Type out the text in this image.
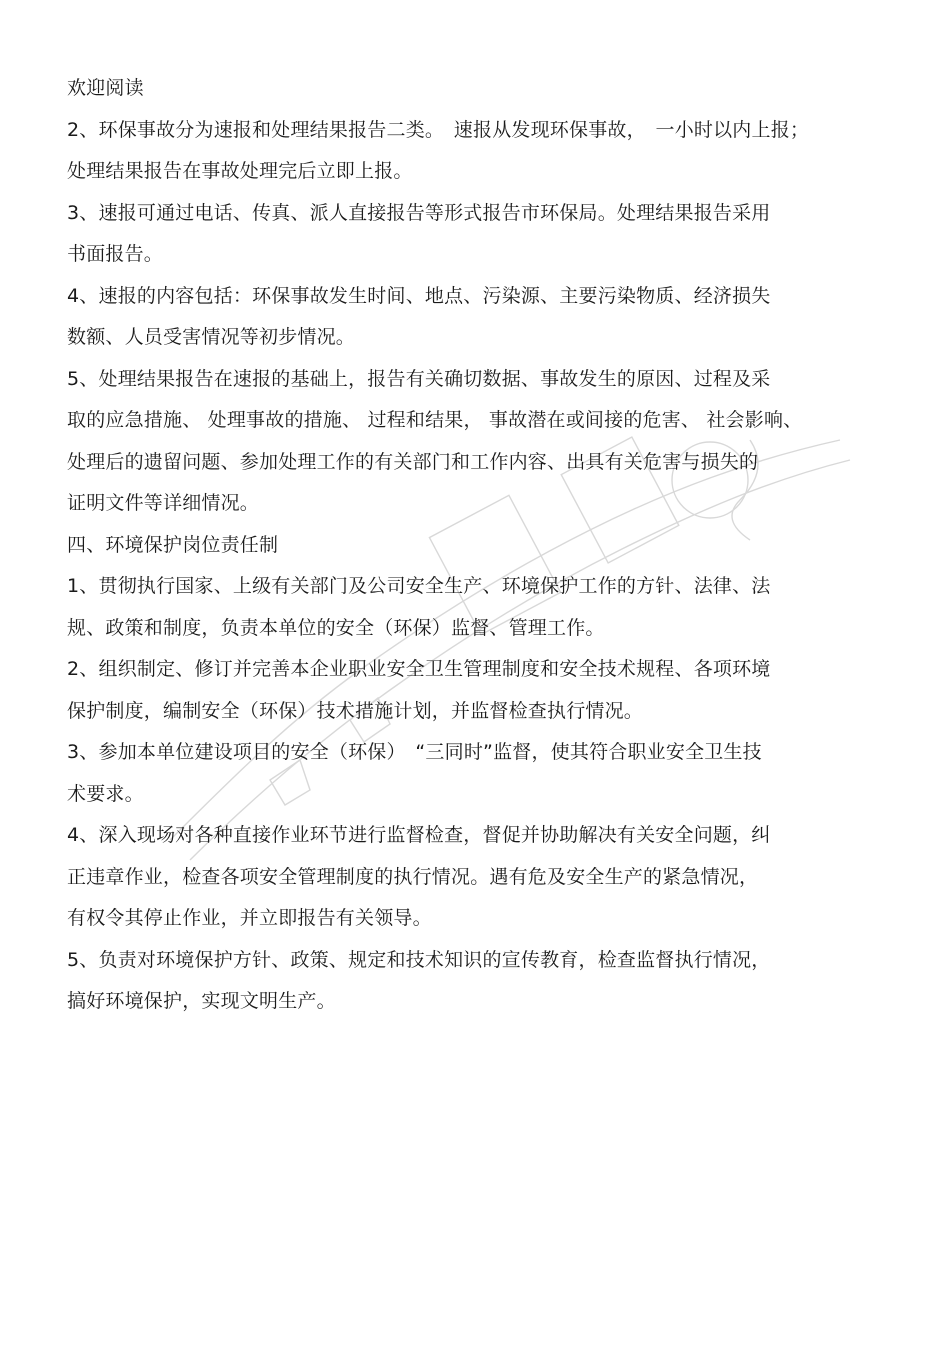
欢迎阅读
2、环保事故分为速报和处理结果报告二类。　速报从发现环保事故，　一小时以内上报；
处理结果报告在事故处理完后立即上报。
3、速报可通过电话、传真、派人直接报告等形式报告市环保局。处理结果报告采用
书面报告。
4、速报的内容包括：环保事故发生时间、地点、污染源、主要污染物质、经济损失
数额、人员受害情况等初步情况。
5、处理结果报告在速报的基础上，报告有关确切数据、事故发生的原因、过程及采
取的应急措施、 处理事故的措施、 过程和结果， 事故潜在或间接的危害、 社会影响、
处理后的遗留问题、参加处理工作的有关部门和工作内容、出具有关危害与损失的
证明文件等详细情况。
四、环境保护岗位责任制
1、贯彻执行国家、上级有关部门及公司安全生产、环境保护工作的方针、法律、法
规、政策和制度，负责本单位的安全（环保）监督、管理工作。
2、组织制定、修订并完善本企业职业安全卫生管理制度和安全技术规程、各项环境
保护制度，编制安全（环保）技术措施计划，并监督检查执行情况。
3、参加本单位建设项目的安全（环保）　“三同时”监督，使其符合职业安全卫生技
术要求。
4、深入现场对各种直接作业环节进行监督检查，督促并协助解决有关安全问题，纠
正违章作业，检查各项安全管理制度的执行情况。遇有危及安全生产的紧急情况，
有权令其停止作业，并立即报告有关领导。
5、负责对环境保护方针、政策、规定和技术知识的宣传教育，检查监督执行情况，
搞好环境保护，实现文明生产。
